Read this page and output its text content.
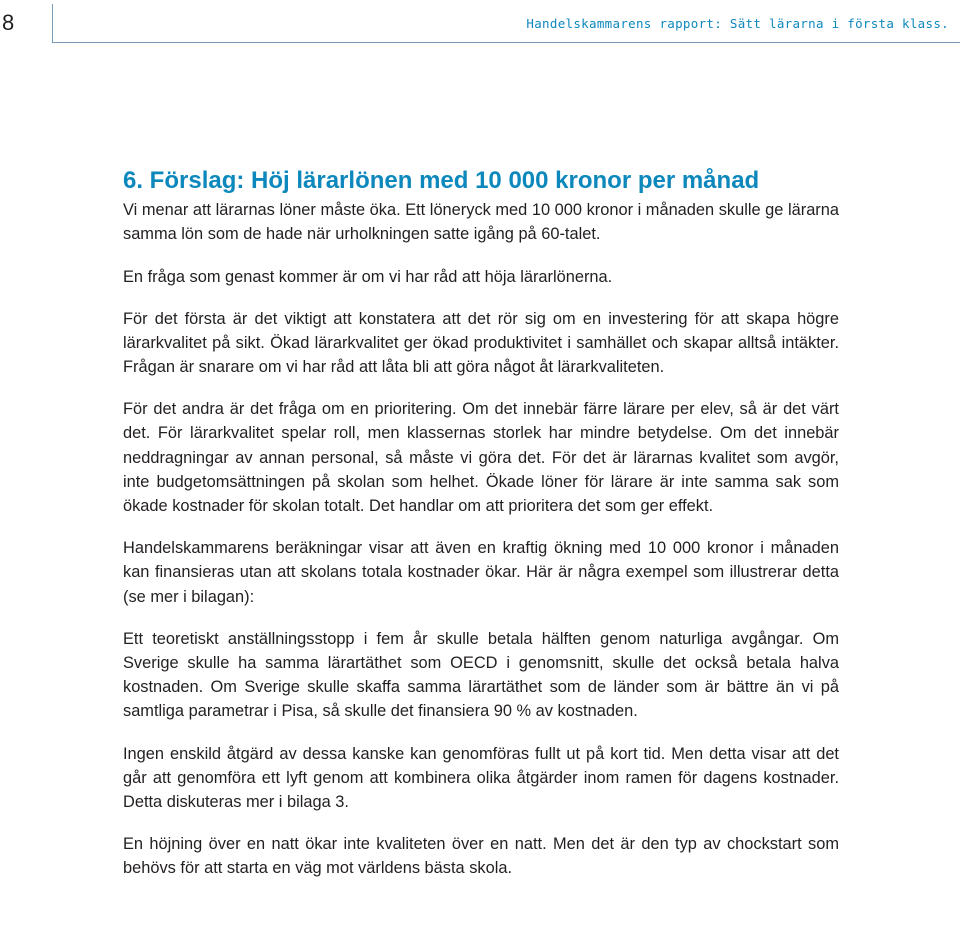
8	Handelskammarens rapport: Sätt lärarna i första klass.
6. Förslag: Höj lärarlönen med 10 000 kronor per månad

Vi menar att lärarnas löner måste öka. Ett löneryck med 10 000 kronor i månaden skulle ge lärarna samma lön som de hade när urholkningen satte igång på 60-talet.

En fråga som genast kommer är om vi har råd att höja lärarlönerna.

För det första är det viktigt att konstatera att det rör sig om en investering för att skapa högre lärarkvalitet på sikt. Ökad lärarkvalitet ger ökad produktivitet i samhället och skapar alltså intäkter. Frågan är snarare om vi har råd att låta bli att göra något åt lärarkvaliteten.

För det andra är det fråga om en prioritering. Om det innebär färre lärare per elev, så är det värt det. För lärarkvalitet spelar roll, men klassernas storlek har mindre betydelse. Om det innebär neddragningar av annan personal, så måste vi göra det. För det är lärarnas kvalitet som avgör, inte budgetomsättningen på skolan som helhet. Ökade löner för lärare är inte samma sak som ökade kostnader för skolan totalt. Det handlar om att prioritera det som ger effekt.

Handelskammarens beräkningar visar att även en kraftig ökning med 10 000 kronor i månaden kan finansieras utan att skolans totala kostnader ökar. Här är några exempel som illustrerar detta (se mer i bilagan):

Ett teoretiskt anställningsstopp i fem år skulle betala hälften genom naturliga avgångar. Om Sverige skulle ha samma lärartäthet som OECD i genomsnitt, skulle det också betala halva kostnaden. Om Sverige skulle skaffa samma lärartäthet som de länder som är bättre än vi på samtliga parametrar i Pisa, så skulle det finansiera 90 % av kostnaden.

Ingen enskild åtgärd av dessa kanske kan genomföras fullt ut på kort tid. Men detta visar att det går att genomföra ett lyft genom att kombinera olika åtgärder inom ramen för dagens kostnader. Detta diskuteras mer i bilaga 3.

En höjning över en natt ökar inte kvaliteten över en natt. Men det är den typ av chockstart som behövs för att starta en väg mot världens bästa skola.
